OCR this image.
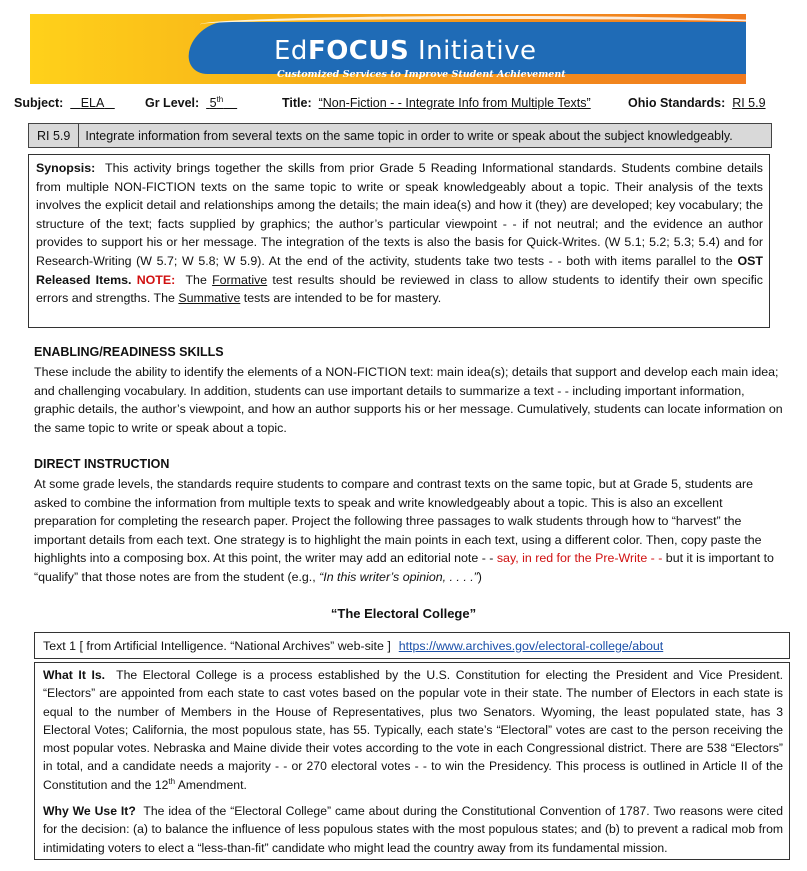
EdFOCUS Initiative
Customized Services to Improve Student Achievement
Subject: ELA	Gr Level: 5th	Title: “Non-Fiction - - Integrate Info from Multiple Texts”	Ohio Standards: RI 5.9
RI 5.9	Integrate information from several texts on the same topic in order to write or speak about the subject knowledgeably.
Synopsis: This activity brings together the skills from prior Grade 5 Reading Informational standards. Students combine details from multiple NON-FICTION texts on the same topic to write or speak knowledgeably about a topic. Their analysis of the texts involves the explicit detail and relationships among the details; the main idea(s) and how it (they) are developed; key vocabulary; the structure of the text; facts supplied by graphics; the author’s particular viewpoint - - if not neutral; and the evidence an author provides to support his or her message. The integration of the texts is also the basis for Quick-Writes. (W 5.1; 5.2; 5.3; 5.4) and for Research-Writing (W 5.7; W 5.8; W 5.9). At the end of the activity, students take two tests - - both with items parallel to the OST Released Items. NOTE: The Formative test results should be reviewed in class to allow students to identify their own specific errors and strengths. The Summative tests are intended to be for mastery.
ENABLING/READINESS SKILLS
These include the ability to identify the elements of a NON-FICTION text: main idea(s); details that support and develop each main idea; and challenging vocabulary. In addition, students can use important details to summarize a text - - including important information, graphic details, the author’s viewpoint, and how an author supports his or her message. Cumulatively, students can locate information on the same topic to write or speak about a topic.
DIRECT INSTRUCTION
At some grade levels, the standards require students to compare and contrast texts on the same topic, but at Grade 5, students are asked to combine the information from multiple texts to speak and write knowledgeably about a topic. This is also an excellent preparation for completing the research paper. Project the following three passages to walk students through how to “harvest” the important details from each text. One strategy is to highlight the main points in each text, using a different color. Then, copy paste the highlights into a composing box. At this point, the writer may add an editorial note - - say, in red for the Pre-Write - - but it is important to “qualify” that those notes are from the student (e.g., “In this writer’s opinion, . . . .”)
“The Electoral College”
Text 1 [ from Artificial Intelligence. “National Archives” web-site ] https://www.archives.gov/electoral-college/about

What It Is. The Electoral College is a process established by the U.S. Constitution for electing the President and Vice President. “Electors” are appointed from each state to cast votes based on the popular vote in their state. The number of Electors in each state is equal to the number of Members in the House of Representatives, plus two Senators. Wyoming, the least populated state, has 3 Electoral Votes; California, the most populous state, has 55. Typically, each state’s “Electoral” votes are cast to the person receiving the most popular votes. Nebraska and Maine divide their votes according to the vote in each Congressional district. There are 538 “Electors” in total, and a candidate needs a majority - - or 270 electoral votes - - to win the Presidency. This process is outlined in Article II of the Constitution and the 12th Amendment.

Why We Use It? The idea of the “Electoral College” came about during the Constitutional Convention of 1787. Two reasons were cited for the decision: (a) to balance the influence of less populous states with the most populous states; and (b) to prevent a radical mob from intimidating voters to elect a “less-than-fit” candidate who might lead the country away from its fundamental mission.
